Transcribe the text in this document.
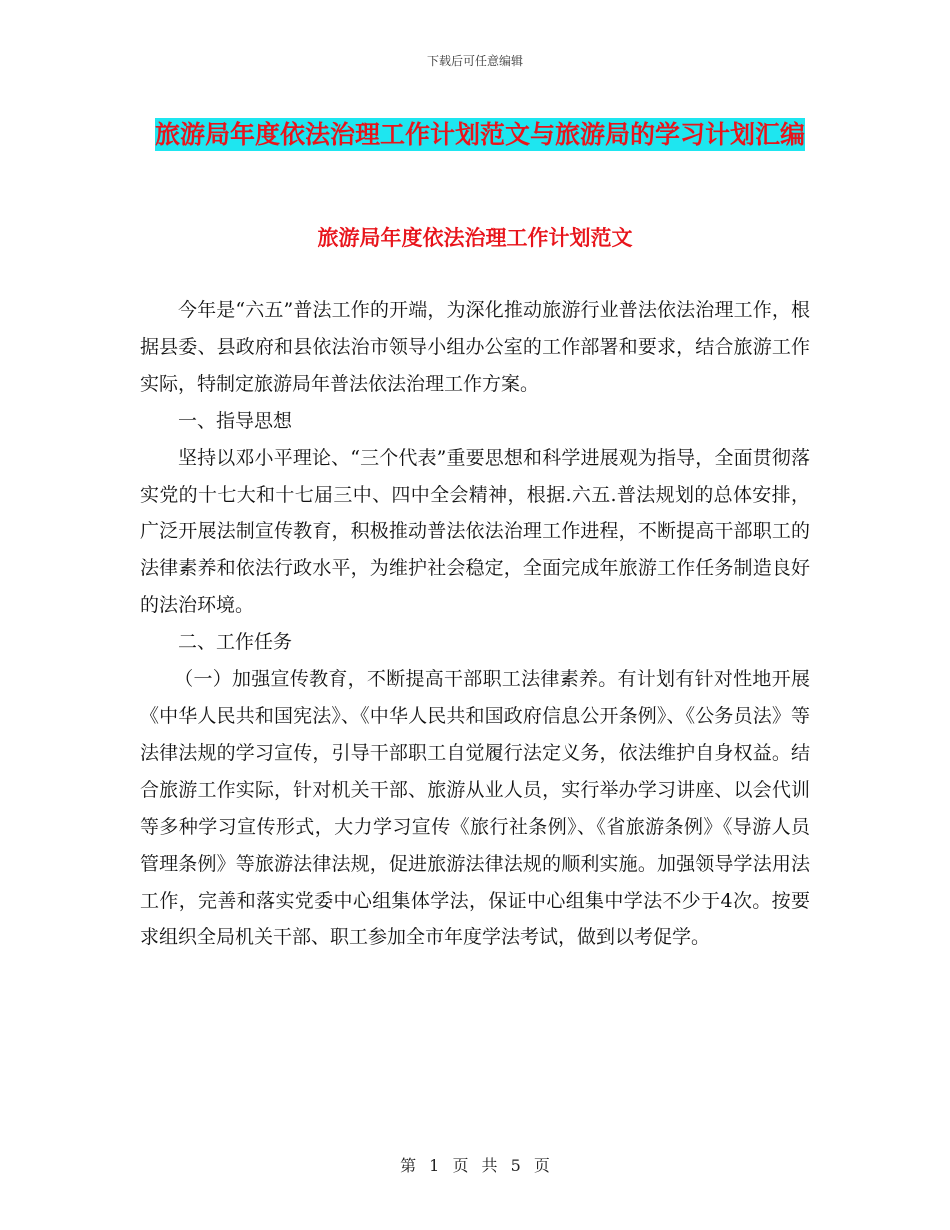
下载后可任意编辑
旅游局年度依法治理工作计划范文与旅游局的学习计划汇编
旅游局年度依法治理工作计划范文

今年是“六五”普法工作的开端，为深化推动旅游行业普法依法治理工作，根据县委、县政府和县依法治市领导小组办公室的工作部署和要求，结合旅游工作实际，特制定旅游局年普法依法治理工作方案。

一、指导思想

坚持以邓小平理论、“三个代表”重要思想和科学进展观为指导，全面贯彻落实党的十七大和十七届三中、四中全会精神，根据.六五.普法规划的总体安排，广泛开展法制宣传教育，积极推动普法依法治理工作进程，不断提高干部职工的法律素养和依法行政水平，为维护社会稳定，全面完成年旅游工作任务制造良好的法治环境。

二、工作任务

（一）加强宣传教育，不断提高干部职工法律素养。有计划有针对性地开展《中华人民共和国宪法》、《中华人民共和国政府信息公开条例》、《公务员法》等法律法规的学习宣传，引导干部职工自觉履行法定义务，依法维护自身权益。结合旅游工作实际，针对机关干部、旅游从业人员，实行举办学习讲座、以会代训等多种学习宣传形式，大力学习宣传《旅行社条例》、《省旅游条例》《导游人员管理条例》等旅游法律法规，促进旅游法律法规的顺利实施。加强领导学法用法工作，完善和落实党委中心组集体学法，保证中心组集中学法不少于4次。按要求组织全局机关干部、职工参加全市年度学法考试，做到以考促学。

第 1 页 共 5 页
